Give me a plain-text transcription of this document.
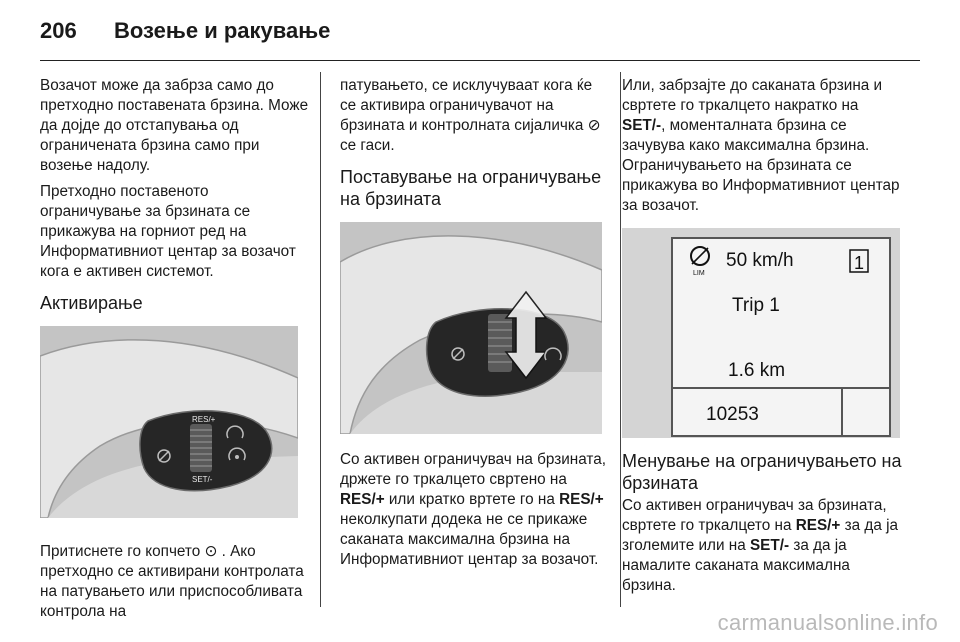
206 Возење и ракување

Возачот може да забрза само до претходно поставената брзина. Може да дојде до отстапувања од ограничената брзина само при возење надолу.

Претходно поставеното ограничување за брзината се прикажува на горниот ред на Информативниот центар за возачот кога е активен системот.

Активирање
RES/+
SET/-

Притиснете го копчето ⊙ . Ако претходно се активирани контролата на патувањето или приспособливата контрола на

патувањето, се исклучуваат кога ќе се активира ограничувачот на брзината и контролната сијаличка ⊘ се гаси.

Поставување на ограничување на брзината

Со активен ограничувач на брзината, држете го тркалцето свртено на RES/+ или кратко вртете го на RES/+ неколкупати додека не се прикаже саканата максимална брзина на Информативниот центар за возачот.

Или, забрзајте до саканата брзина и свртете го тркалцето накратко на SET/-, моменталната брзина се зачувува како максимална брзина. Ограничувањето на брзината се прикажува во Информативниот центар за возачот.

LIM
50 km/h	1
Trip 1
1.6 km
10253
Менување на ограничувањето на брзината

Со активен ограничувач за брзината, свртете го тркалцето на RES/+ за да ја зголемите или на SET/- за да ја намалите саканата максимална брзина.

carmanualsonline.info
